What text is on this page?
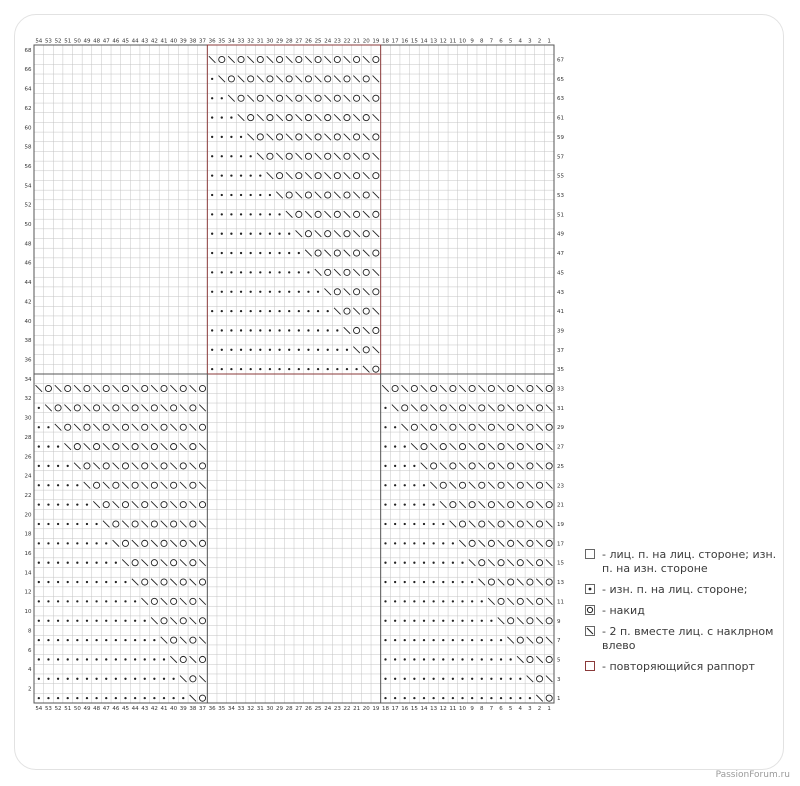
54
54
53
53
52
52
51
51
50
50
49
49
48
48
47
47
46
46
45
45
44
44
43
43
42
42
41
41
40
40
39
39
38
38
37
37
36
36
35
35
34
34
33
33
32
32
31
31
30
30
29
29
28
28
27
27
26
26
25
25
24
24
23
23
22
22
21
21
20
20
19
19
18
18
17
17
16
16
15
15
14
14
13
13
12
12
11
11
10
10
9
9
8
8
7
7
6
6
5
5
4
4
3
3
2
2
1
1
68
66
64
62
60
58
56
54
52
50
48
46
44
42
40
38
36
34
32
30
28
26
24
22
20
18
16
14
12
10
8
6
4
2
67
65
63
61
59
57
55
53
51
49
47
45
43
41
39
37
35
33
31
29
27
25
23
21
19
17
15
13
11
9
7
5
3
1
- лиц. п. на лиц. стороне; изн. п. на изн. стороне
- изн. п. на лиц. стороне;
- накид
- 2 п. вместе лиц. с наклрном влево
- повторяющийся раппорт
PassionForum.ru
